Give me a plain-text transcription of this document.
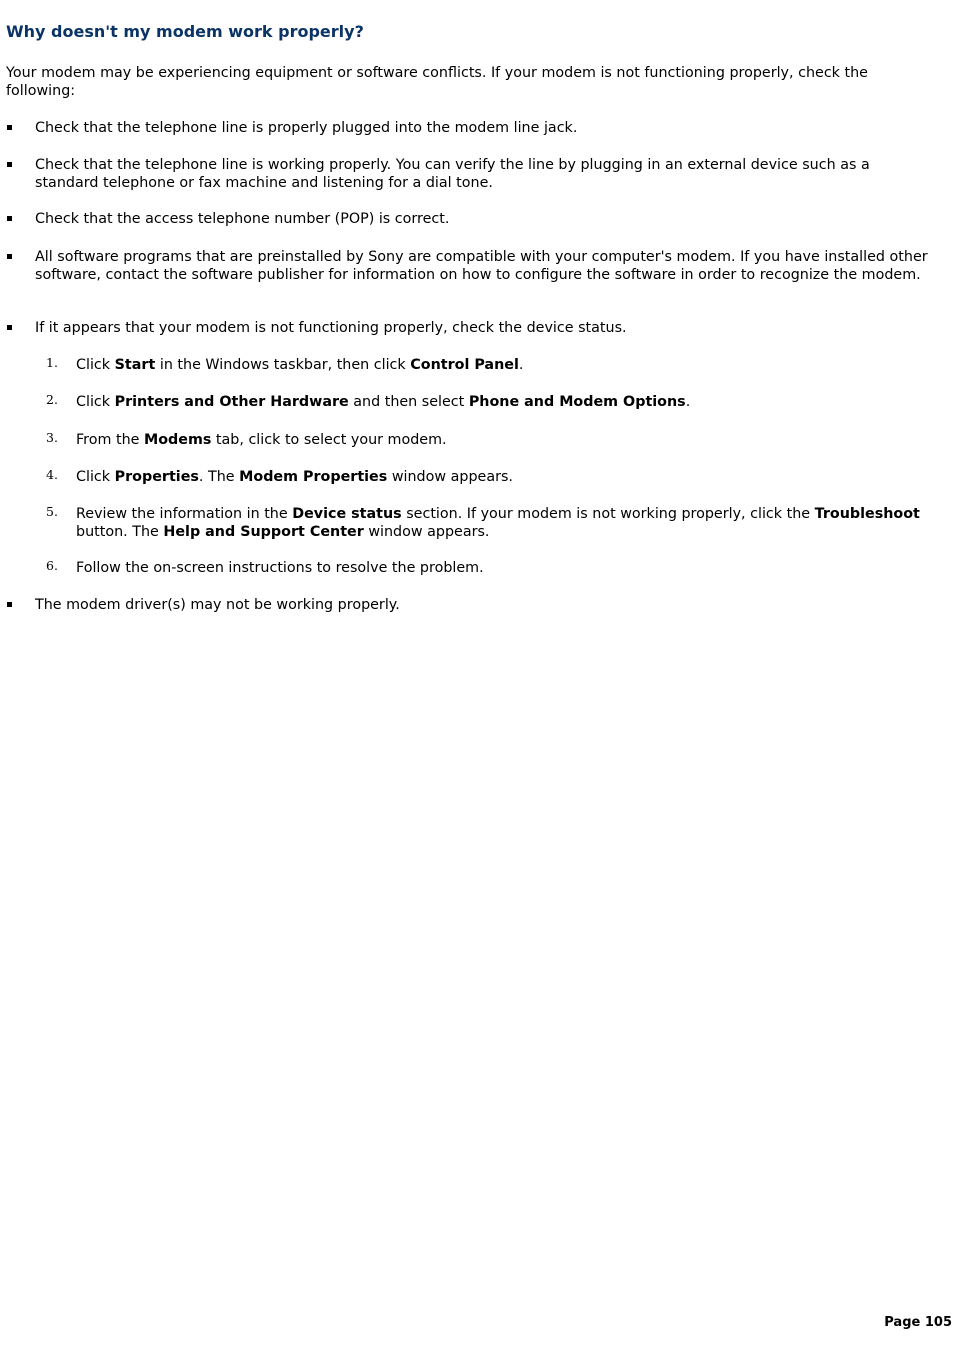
Why doesn't my modem work properly?

Your modem may be experiencing equipment or software conflicts. If your modem is not functioning properly, check the following:

Check that the telephone line is properly plugged into the modem line jack.
Check that the telephone line is working properly. You can verify the line by plugging in an external device such as a standard telephone or fax machine and listening for a dial tone.
Check that the access telephone number (POP) is correct.
All software programs that are preinstalled by Sony are compatible with your computer's modem. If you have installed other software, contact the software publisher for information on how to configure the software in order to recognize the modem.
If it appears that your modem is not functioning properly, check the device status.
1. Click Start in the Windows taskbar, then click Control Panel.
2. Click Printers and Other Hardware and then select Phone and Modem Options.
3. From the Modems tab, click to select your modem.
4. Click Properties. The Modem Properties window appears.
5. Review the information in the Device status section. If your modem is not working properly, click the Troubleshoot button. The Help and Support Center window appears.
6. Follow the on-screen instructions to resolve the problem.
The modem driver(s) may not be working properly.
Page 105
